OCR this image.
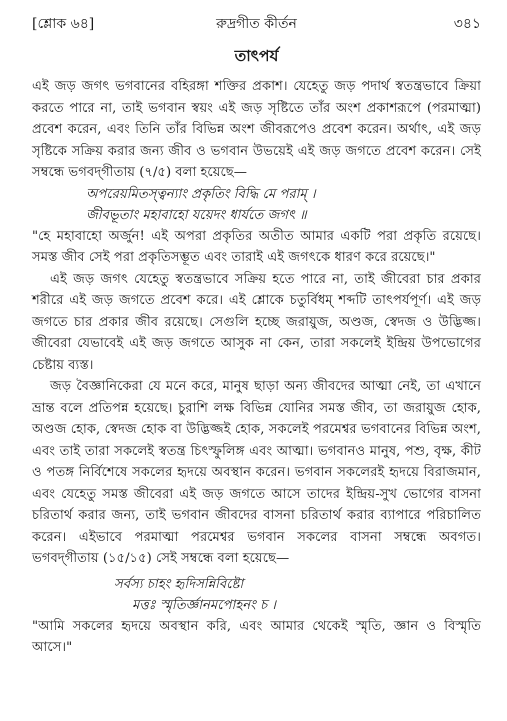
[শ্লোক ৬৪]	রুদ্রগীত কীর্তন	৩৪১
তাৎপর্য

এই জড় জগৎ ভগবানের বহিরঙ্গা শক্তির প্রকাশ। যেহেতু জড় পদার্থ স্বতন্ত্রভাবে ক্রিয়া করতে পারে না, তাই ভগবান স্বয়ং এই জড় সৃষ্টিতে তাঁর অংশ প্রকাশরূপে (পরমাত্মা) প্রবেশ করেন, এবং তিনি তাঁর বিভিন্ন অংশ জীবরূপেও প্রবেশ করেন। অর্থাৎ, এই জড় সৃষ্টিকে সক্রিয় করার জন্য জীব ও ভগবান উভয়েই এই জড় জগতে প্রবেশ করেন। সেই সম্বন্ধে ভগবদ্‌গীতায় (৭/৫) বলা হয়েছে—

অপরেয়মিতস্ত্বন্যাং প্রকৃতিং বিদ্ধি মে পরাম্‌ ।
জীবভূতাং মহাবাহো যয়েদং ধার্যতে জগৎ ॥

"হে মহাবাহো অর্জুন! এই অপরা প্রকৃতির অতীত আমার একটি পরা প্রকৃতি রয়েছে। সমস্ত জীব সেই পরা প্রকৃতিসম্ভূত এবং তারাই এই জগৎকে ধারণ করে রয়েছে।"

এই জড় জগৎ যেহেতু স্বতন্ত্রভাবে সক্রিয় হতে পারে না, তাই জীবেরা চার প্রকার শরীরে এই জড় জগতে প্রবেশ করে। এই শ্লোকে চতুর্বিধম্‌ শব্দটি তাৎপর্যপূর্ণ। এই জড় জগতে চার প্রকার জীব রয়েছে। সেগুলি হচ্ছে জরায়ুজ, অণ্ডজ, স্বেদজ ও উদ্ভিজ্জ। জীবেরা যেভাবেই এই জড় জগতে আসুক না কেন, তারা সকলেই ইন্দ্রিয় উপভোগের চেষ্টায় ব্যস্ত।

জড় বৈজ্ঞানিকেরা যে মনে করে, মানুষ ছাড়া অন্য জীবদের আত্মা নেই, তা এখানে ভ্রান্ত বলে প্রতিপন্ন হয়েছে। চুরাশি লক্ষ বিভিন্ন যোনির সমস্ত জীব, তা জরায়ুজ হোক, অণ্ডজ হোক, স্বেদজ হোক বা উদ্ভিজ্জই হোক, সকলেই পরমেশ্বর ভগবানের বিভিন্ন অংশ, এবং তাই তারা সকলেই স্বতন্ত্র চিৎস্ফুলিঙ্গ এবং আত্মা। ভগবানও মানুষ, পশু, বৃক্ষ, কীট ও পতঙ্গ নির্বিশেষে সকলের হৃদয়ে অবস্থান করেন। ভগবান সকলেরই হৃদয়ে বিরাজমান, এবং যেহেতু সমস্ত জীবেরা এই জড় জগতে আসে তাদের ইন্দ্রিয়-সুখ ভোগের বাসনা চরিতার্থ করার জন্য, তাই ভগবান জীবদের বাসনা চরিতার্থ করার ব্যাপারে পরিচালিত করেন। এইভাবে পরমাত্মা পরমেশ্বর ভগবান সকলের বাসনা সম্বন্ধে অবগত। ভগবদ্‌গীতায় (১৫/১৫) সেই সম্বন্ধে বলা হয়েছে—

সর্বস্য চাহং হৃদিসন্নিবিষ্টো
মত্তঃ স্মৃতির্জ্ঞানমপোহনং চ ।

"আমি সকলের হৃদয়ে অবস্থান করি, এবং আমার থেকেই স্মৃতি, জ্ঞান ও বিস্মৃতি আসে।"
